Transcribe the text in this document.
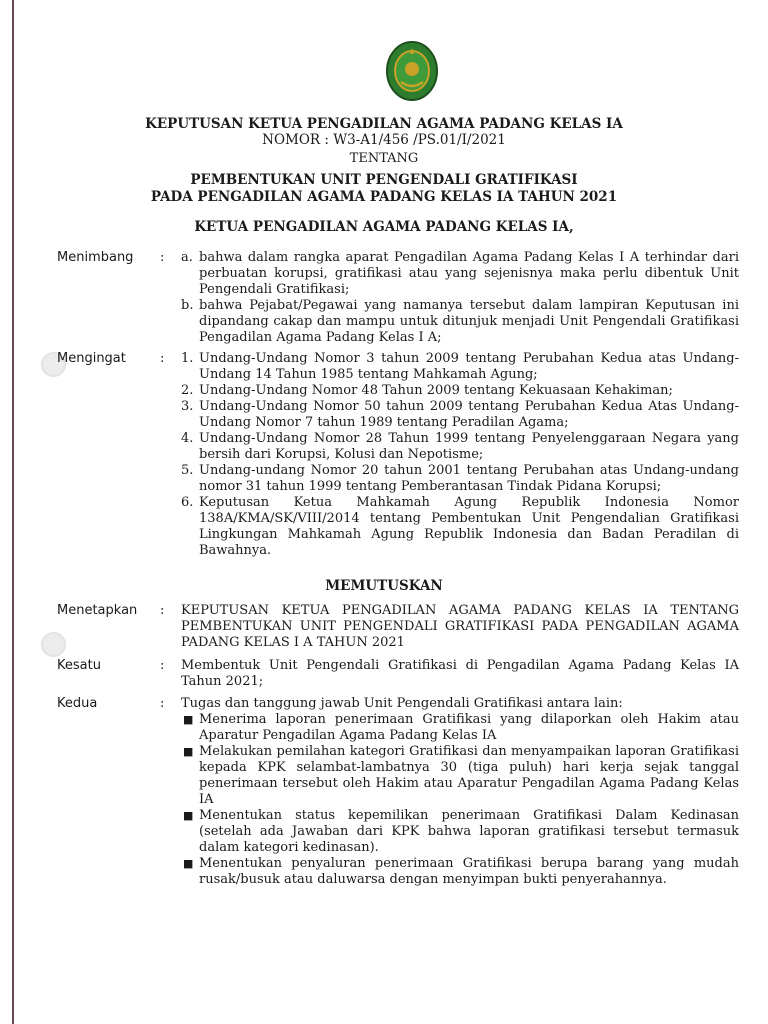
KEPUTUSAN KETUA PENGADILAN AGAMA PADANG KELAS IA
NOMOR : W3-A1/456 /PS.01/I/2021
TENTANG
PEMBENTUKAN UNIT PENGENDALI GRATIFIKASI
PADA PENGADILAN AGAMA PADANG KELAS IA TAHUN 2021
KETUA PENGADILAN AGAMA PADANG KELAS IA,
Menimbang : a. bahwa dalam rangka aparat Pengadilan Agama Padang Kelas I A terhindar dari perbuatan korupsi, gratifikasi atau yang sejenisnya maka perlu dibentuk Unit Pengendali Gratifikasi;
b. bahwa Pejabat/Pegawai yang namanya tersebut dalam lampiran Keputusan ini dipandang cakap dan mampu untuk ditunjuk menjadi Unit Pengendali Gratifikasi Pengadilan Agama Padang Kelas I A;
Mengingat	: 1. Undang-Undang Nomor 3 tahun 2009 tentang Perubahan Kedua atas Undang-Undang 14 Tahun 1985 tentang Mahkamah Agung;
2. Undang-Undang Nomor 48 Tahun 2009 tentang Kekuasaan Kehakiman;
3. Undang-Undang Nomor 50 tahun 2009 tentang Perubahan Kedua Atas Undang-Undang Nomor 7 tahun 1989 tentang Peradilan Agama;
4. Undang-Undang Nomor 28 Tahun 1999 tentang Penyelenggaraan Negara yang bersih dari Korupsi, Kolusi dan Nepotisme;
5. Undang-undang Nomor 20 tahun 2001 tentang Perubahan atas Undang-undang nomor 31 tahun 1999 tentang Pemberantasan Tindak Pidana Korupsi;
6. Keputusan Ketua Mahkamah Agung Republik Indonesia Nomor 138A/KMA/SK/VIII/2014 tentang Pembentukan Unit Pengendalian Gratifikasi Lingkungan Mahkamah Agung Republik Indonesia dan Badan Peradilan di Bawahnya.
MEMUTUSKAN
Menetapkan : KEPUTUSAN KETUA PENGADILAN AGAMA PADANG KELAS IA TENTANG PEMBENTUKAN UNIT PENGENDALI GRATIFIKASI PADA PENGADILAN AGAMA PADANG KELAS I A TAHUN 2021
Kesatu	: Membentuk Unit Pengendali Gratifikasi di Pengadilan Agama Padang Kelas IA Tahun 2021;
Kedua	: Tugas dan tanggung jawab Unit Pengendali Gratifikasi antara lain:

■ Menerima laporan penerimaan Gratifikasi yang dilaporkan oleh Hakim atau Aparatur Pengadilan Agama Padang Kelas IA
■ Melakukan pemilahan kategori Gratifikasi dan menyampaikan laporan Gratifikasi kepada KPK selambat-lambatnya 30 (tiga puluh) hari kerja sejak tanggal penerimaan tersebut oleh Hakim atau Aparatur Pengadilan Agama Padang Kelas IA
■ Menentukan status kepemilikan penerimaan Gratifikasi Dalam Kedinasan (setelah ada Jawaban dari KPK bahwa laporan gratifikasi tersebut termasuk dalam kategori kedinasan).
■ Menentukan penyaluran penerimaan Gratifikasi berupa barang yang mudah rusak/busuk atau daluwarsa dengan menyimpan bukti penyerahannya.
